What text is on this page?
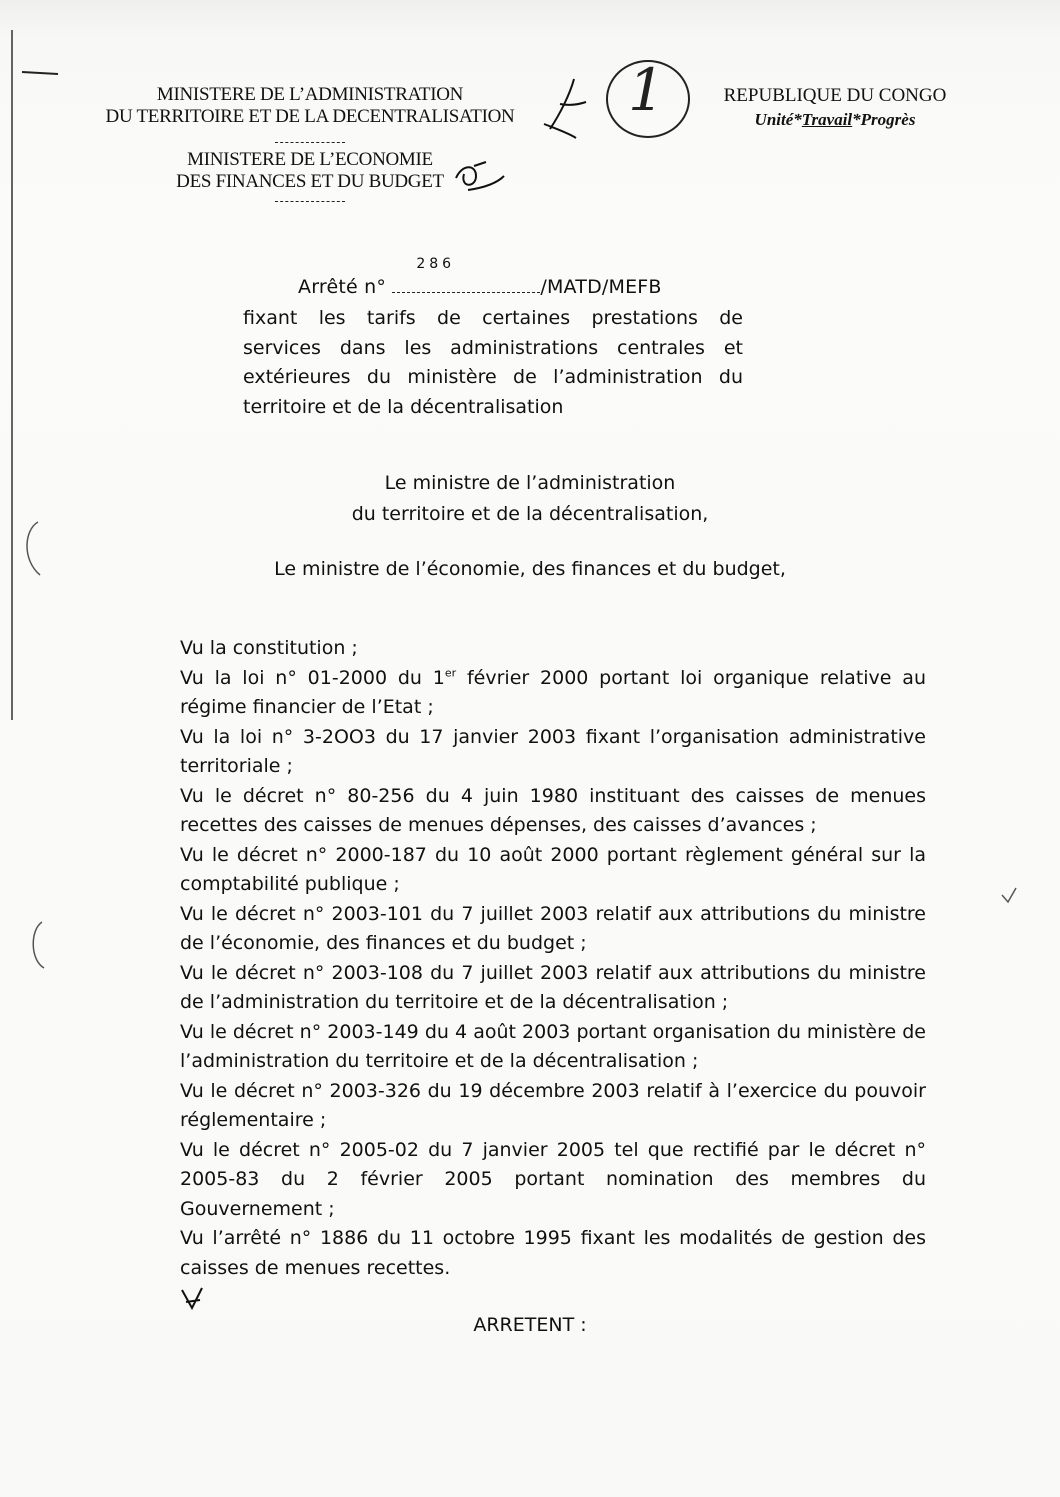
MINISTERE DE L’ADMINISTRATION
DU TERRITOIRE ET DE LA DECENTRALISATION
MINISTERE DE L’ECONOMIE
DES FINANCES ET DU BUDGET
1	REPUBLIQUE DU CONGO
Unité*Travail*Progrès
Arrêté n°
286
/MATD/MEFB
fixant les tarifs de certaines prestations de
services dans les administrations centrales et
extérieures du ministère de l’administration du
territoire et de la décentralisation
Le ministre de l’administration
du territoire et de la décentralisation,
Le ministre de l’économie, des finances et du budget,
Vu la constitution ;
Vu la loi n° 01-2000 du 1er février 2000 portant loi organique relative au régime financier de l’Etat ;
Vu la loi n° 3-2OO3 du 17 janvier 2003 fixant l’organisation administrative territoriale ;
Vu le décret n° 80-256 du 4 juin 1980 instituant des caisses de menues recettes des caisses de menues dépenses, des caisses d’avances ;
Vu le décret n° 2000-187 du 10 août 2000 portant règlement général sur la comptabilité publique ;
Vu le décret n° 2003-101 du 7 juillet 2003 relatif aux attributions du ministre de l’économie, des finances et du budget ;
Vu le décret n° 2003-108 du 7 juillet 2003 relatif aux attributions du ministre de l’administration du territoire et de la décentralisation ;
Vu le décret n° 2003-149 du 4 août 2003 portant organisation du ministère de l’administration du territoire et de la décentralisation ;
Vu le décret n° 2003-326 du 19 décembre 2003 relatif à l’exercice du pouvoir réglementaire ;
Vu le décret n° 2005-02 du 7 janvier 2005 tel que rectifié par le décret n° 2005-83 du 2 février 2005 portant nomination des membres du Gouvernement ;
Vu l’arrêté n° 1886 du 11 octobre 1995 fixant les modalités de gestion des caisses de menues recettes.
ARRETENT :
